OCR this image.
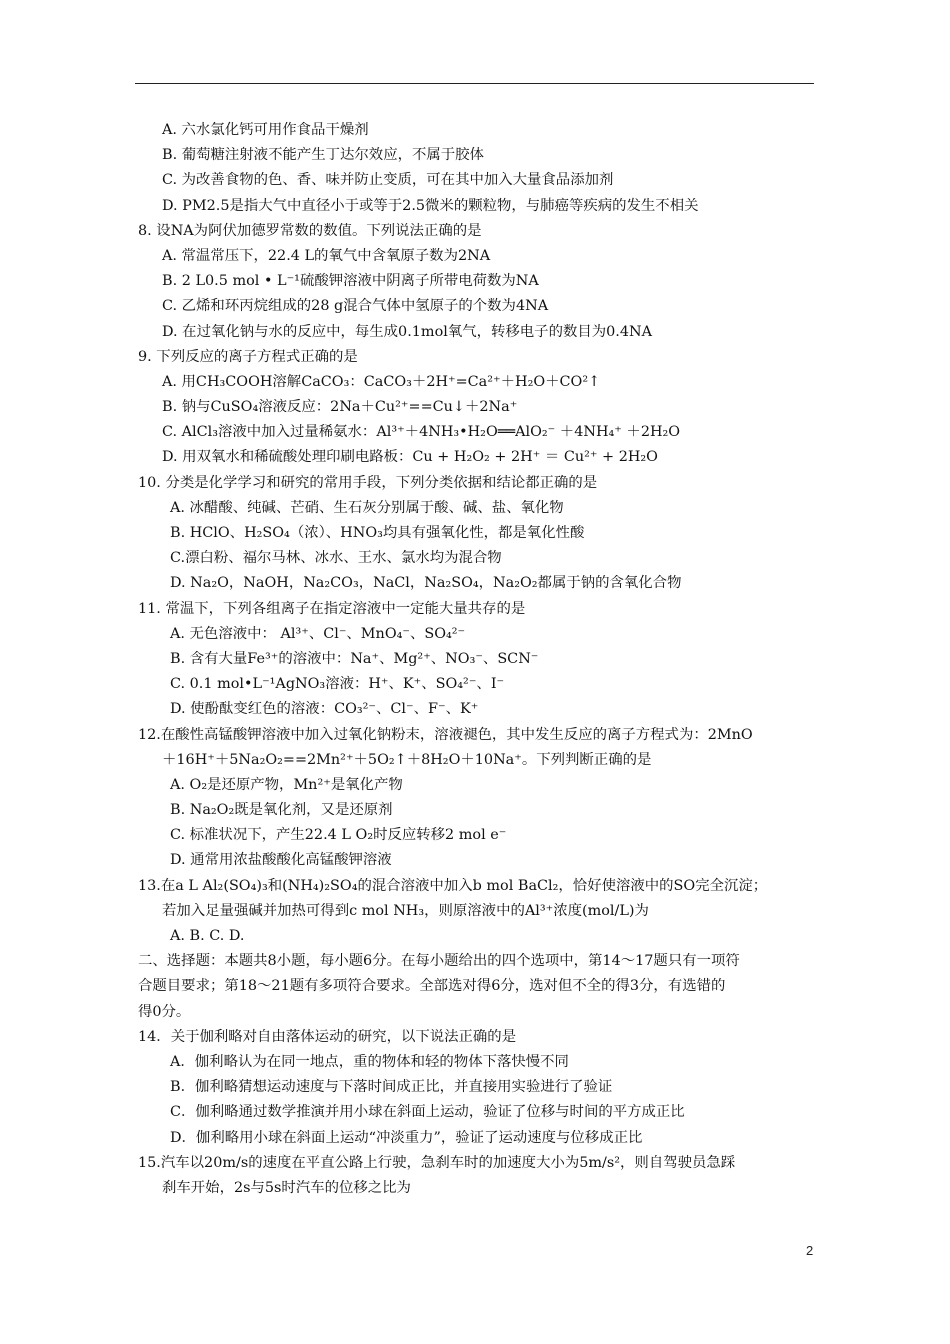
A. 六水氯化钙可用作食品干燥剂
B. 葡萄糖注射液不能产生丁达尔效应，不属于胶体
C. 为改善食物的色、香、味并防止变质，可在其中加入大量食品添加剂
D. PM2.5是指大气中直径小于或等于2.5微米的颗粒物，与肺癌等疾病的发生不相关
8. 设NA为阿伏加德罗常数的数值。下列说法正确的是
A. 常温常压下，22.4 L的氧气中含氧原子数为2NA
B. 2 L0.5 mol • L⁻¹硫酸钾溶液中阴离子所带电荷数为NA
C. 乙烯和环丙烷组成的28 g混合气体中氢原子的个数为4NA
D. 在过氧化钠与水的反应中，每生成0.1mol氧气，转移电子的数目为0.4NA
9. 下列反应的离子方程式正确的是
A. 用CH₃COOH溶解CaCO₃：CaCO₃＋2H⁺=Ca²⁺＋H₂O＋CO²↑
B. 钠与CuSO₄溶液反应：2Na＋Cu²⁺==Cu↓＋2Na⁺
C. AlCl₃溶液中加入过量稀氨水：Al³⁺＋4NH₃•H₂O══AlO₂⁻ ＋4NH₄⁺ ＋2H₂O
D. 用双氧水和稀硫酸处理印刷电路板：Cu + H₂O₂ + 2H⁺ ＝ Cu²⁺ + 2H₂O
10. 分类是化学学习和研究的常用手段，下列分类依据和结论都正确的是
A. 冰醋酸、纯碱、芒硝、生石灰分别属于酸、碱、盐、氧化物
B. HClO、H₂SO₄（浓）、HNO₃均具有强氧化性，都是氧化性酸
C.漂白粉、福尔马林、冰水、王水、氯水均为混合物
D. Na₂O，NaOH，Na₂CO₃，NaCl，Na₂SO₄，Na₂O₂都属于钠的含氧化合物
11. 常温下，下列各组离子在指定溶液中一定能大量共存的是
A. 无色溶液中： Al³⁺、Cl⁻、MnO₄⁻、SO₄²⁻
B. 含有大量Fe³⁺的溶液中：Na⁺、Mg²⁺、NO₃⁻、SCN⁻
C. 0.1 mol•L⁻¹AgNO₃溶液：H⁺、K⁺、SO₄²⁻、I⁻
D. 使酚酞变红色的溶液：CO₃²⁻、Cl⁻、F⁻、K⁺
12.在酸性高锰酸钾溶液中加入过氧化钠粉末，溶液褪色，其中发生反应的离子方程式为：2MnO
＋16H⁺＋5Na₂O₂==2Mn²⁺＋5O₂↑＋8H₂O＋10Na⁺。下列判断正确的是
A. O₂是还原产物，Mn²⁺是氧化产物
B. Na₂O₂既是氧化剂，又是还原剂
C. 标准状况下，产生22.4 L O₂时反应转移2 mol e⁻
D. 通常用浓盐酸酸化高锰酸钾溶液
13.在a L Al₂(SO₄)₃和(NH₄)₂SO₄的混合溶液中加入b mol BaCl₂，恰好使溶液中的SO完全沉淀；
若加入足量强碱并加热可得到c mol NH₃，则原溶液中的Al³⁺浓度(mol/L)为
A. B. C. D.
二、选择题：本题共8小题，每小题6分。在每小题给出的四个选项中，第14～17题只有一项符
合题目要求；第18～21题有多项符合要求。全部选对得6分，选对但不全的得3分，有选错的
得0分。
14．关于伽利略对自由落体运动的研究，以下说法正确的是
A．伽利略认为在同一地点，重的物体和轻的物体下落快慢不同
B．伽利略猜想运动速度与下落时间成正比，并直接用实验进行了验证
C．伽利略通过数学推演并用小球在斜面上运动，验证了位移与时间的平方成正比
D．伽利略用小球在斜面上运动“冲淡重力”，验证了运动速度与位移成正比
15.汽车以20m/s的速度在平直公路上行驶，急刹车时的加速度大小为5m/s²，则自驾驶员急踩
刹车开始，2s与5s时汽车的位移之比为
2
